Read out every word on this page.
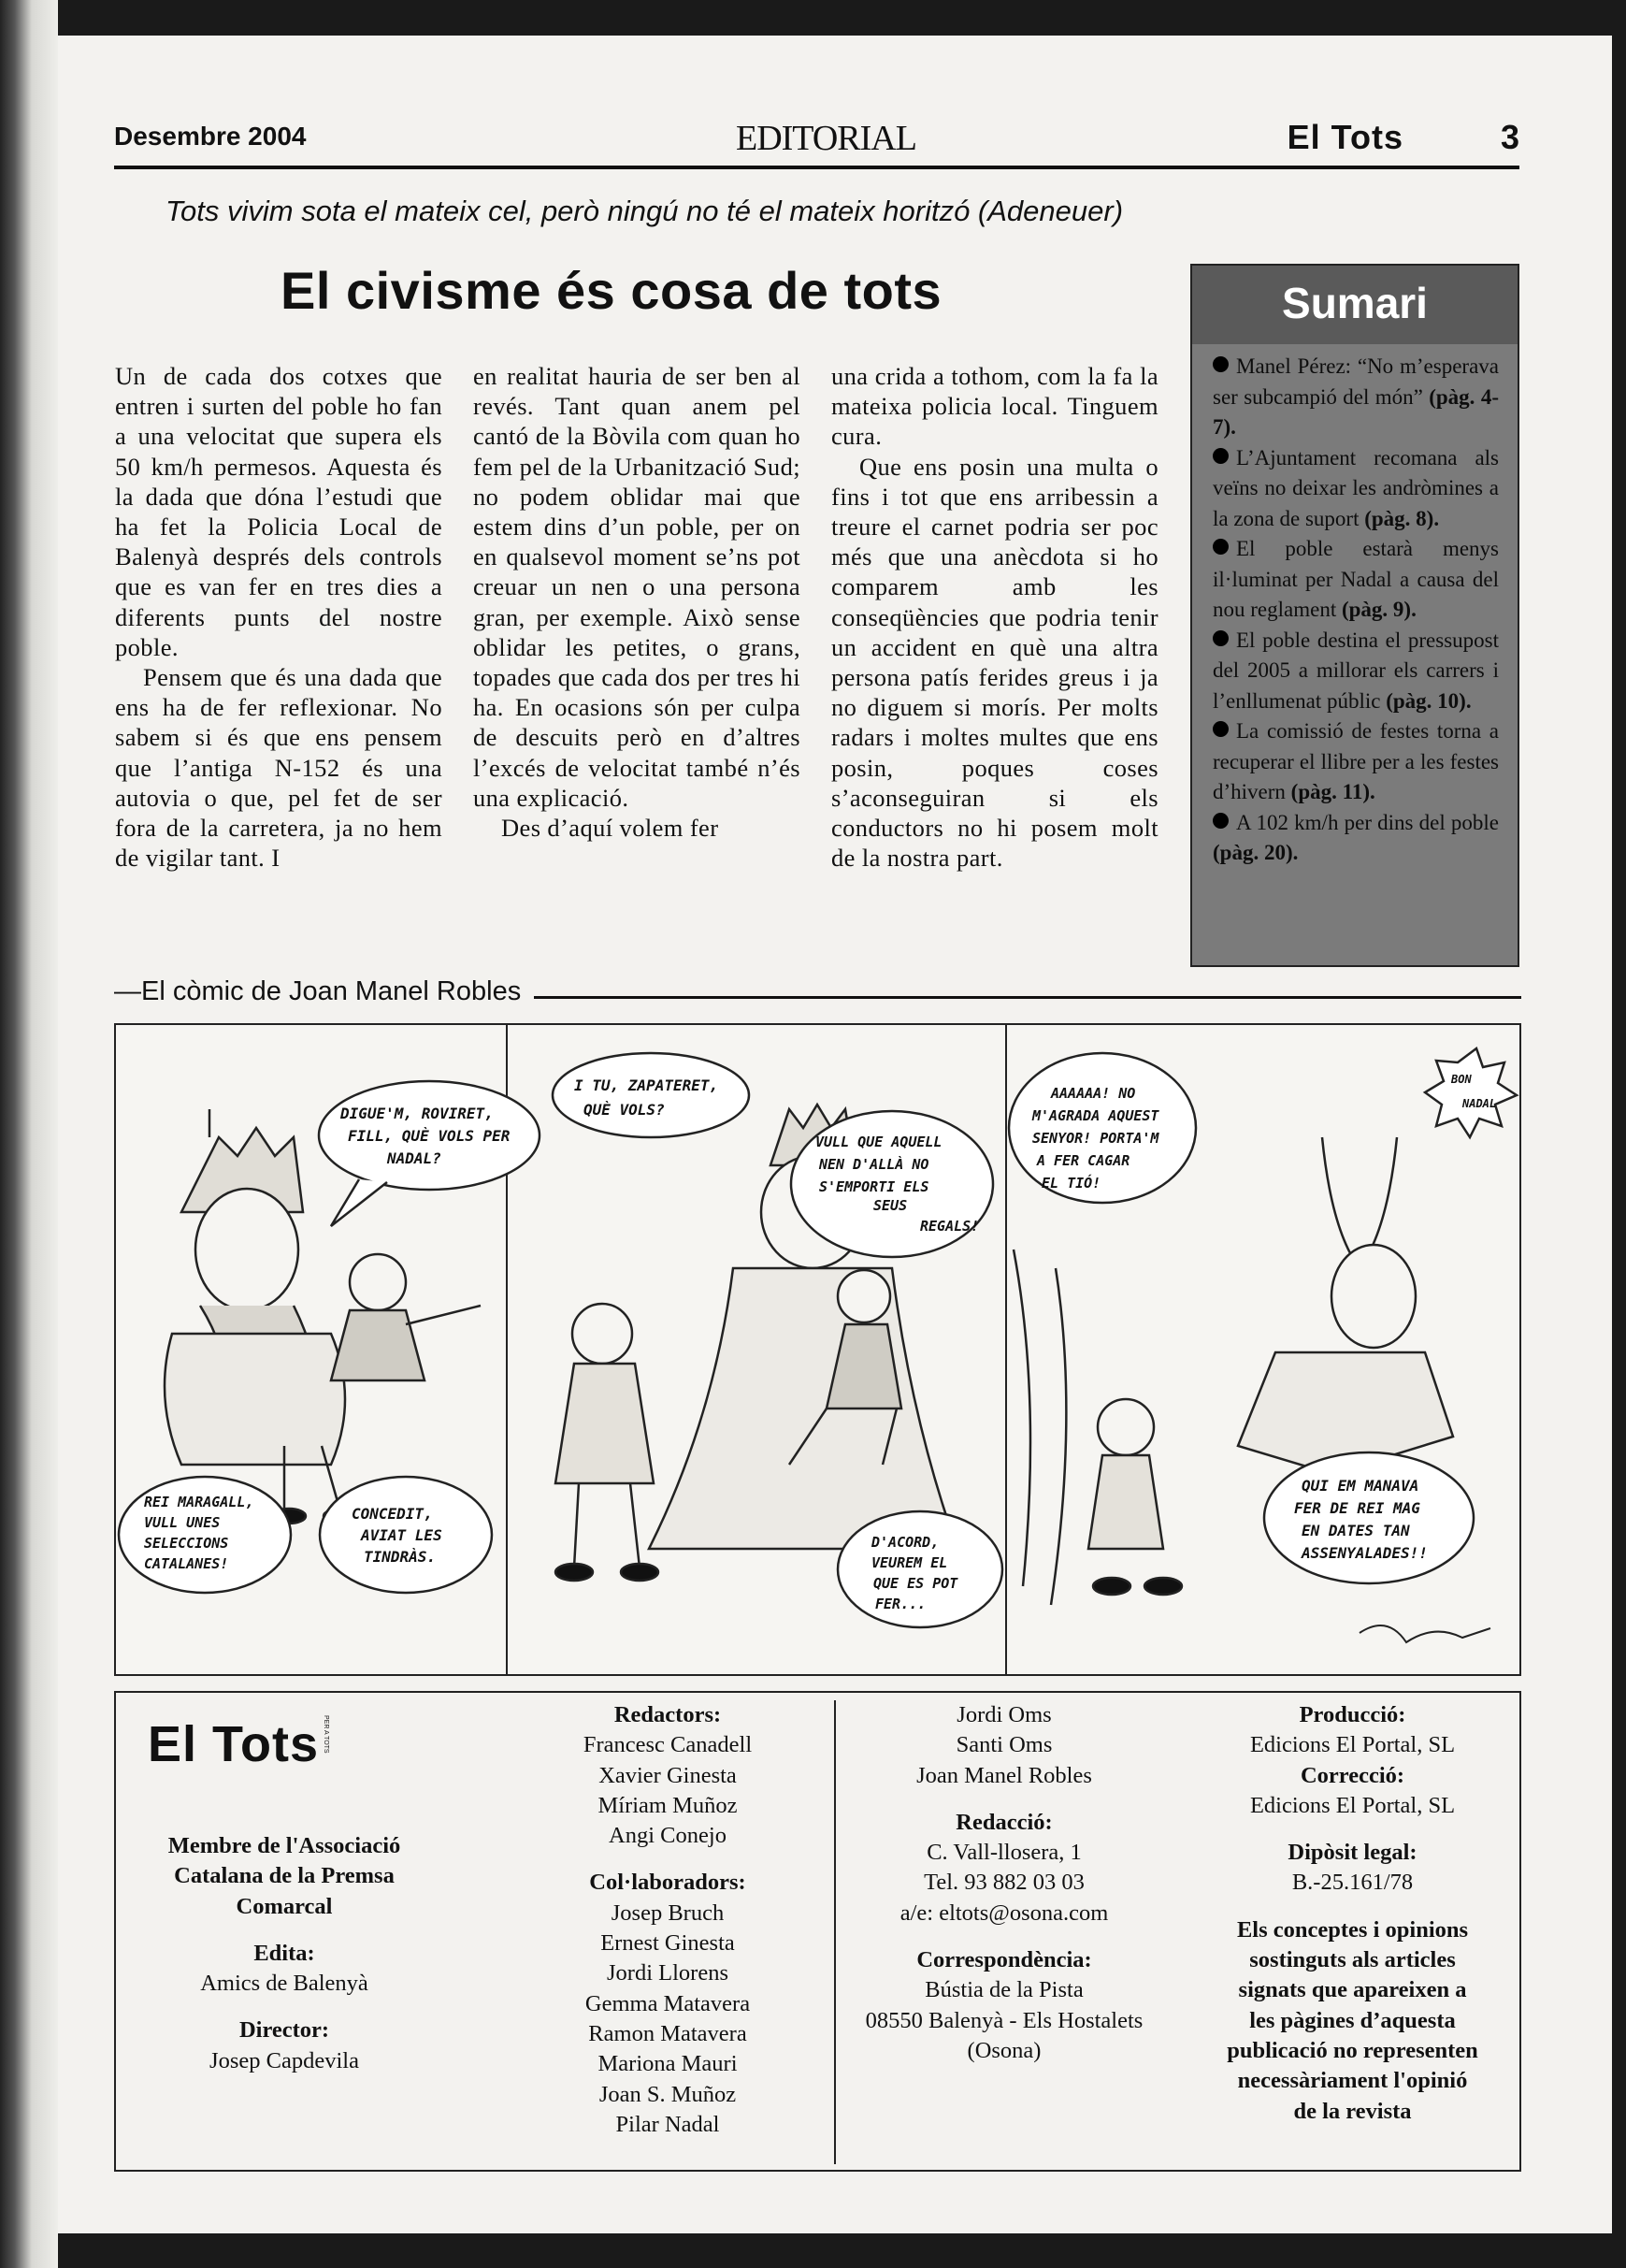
Desembre 2004	EDITORIAL	El Tots	3
Tots vivim sota el mateix cel, però ningú no té el mateix horitzó (Adeneuer)
El civisme és cosa de tots

Un de cada dos cotxes que entren i surten del poble ho fan a una velocitat que supera els 50 km/h permesos. Aquesta és la dada que dóna l’estudi que ha fet la Policia Local de Balenyà després dels controls que es van fer en tres dies a diferents punts del nostre poble.

Pensem que és una dada que ens ha de fer reflexionar. No sabem si és que ens pensem que l’antiga N-152 és una autovia o que, pel fet de ser fora de la carretera, ja no hem de vigilar tant. I

en realitat hauria de ser ben al revés. Tant quan anem pel cantó de la Bòvila com quan ho fem pel de la Urbanització Sud; no podem oblidar mai que estem dins d’un poble, per on en qualsevol moment se’ns pot creuar un nen o una persona gran, per exemple. Això sense oblidar les petites, o grans, topades que cada dos per tres hi ha. En ocasions són per culpa de descuits però en d’altres l’excés de velocitat també n’és una explicació.

Des d’aquí volem fer

una crida a tothom, com la fa la mateixa policia local. Tinguem cura.

Que ens posin una multa o fins i tot que ens arribessin a treure el carnet podria ser poc més que una anècdota si ho comparem amb les conseqüències que podria tenir un accident en què una altra persona patís ferides greus i ja no diguem si morís. Per molts radars i moltes multes que ens posin, poques coses s’aconseguiran si els conductors no hi posem molt de la nostra part.

Sumari
Manel Pérez: “No m’esperava ser subcampió del món” (pàg. 4-7).
L’Ajuntament recomana als veïns no deixar les andròmines a la zona de suport (pàg. 8).
El poble estarà menys il·luminat per Nadal a causa del nou reglament (pàg. 9).
El poble destina el pressupost del 2005 a millorar els carrers i l’enllumenat públic (pàg. 10).
La comissió de festes torna a recuperar el llibre per a les festes d’hivern (pàg. 11).
A 102 km/h per dins del poble (pàg. 20).
—El còmic de Joan Manel Robles
DIGUE'M, ROVIRET, FILL, QUÈ VOLS PER NADAL?
REI MARAGALL, VULL UNES SELECCIONS CATALANES!
CONCEDIT, AVIAT LES TINDRÀS.
I TU, ZAPATERET, QUÈ VOLS?
VULL QUE AQUELL NEN D'ALLÀ NO S'EMPORTI ELS SEUS REGALS!
D'ACORD, VEUREM EL QUE ES POT FER...
AAAAAA! NO M'AGRADA AQUEST SENYOR! PORTA'M A FER CAGAR EL TIÓ!
QUI EM MANAVA FER DE REI MAG EN DATES TAN ASSENYALADES!!
BON NADAL
El Tots PER A TOTS
Membre de l'Associació
Catalana de la Premsa
Comarcal
Edita:
Amics de Balenyà
Director:
Josep Capdevila
Redactors:
Francesc Canadell
Xavier Ginesta
Míriam Muñoz
Angi Conejo
Col·laboradors:
Josep Bruch
Ernest Ginesta
Jordi Llorens
Gemma Matavera
Ramon Matavera
Mariona Mauri
Joan S. Muñoz
Pilar Nadal
Jordi Oms
Santi Oms
Joan Manel Robles
Redacció:
C. Vall-llosera, 1
Tel. 93 882 03 03
a/e: eltots@osona.com
Correspondència:
Bústia de la Pista
08550 Balenyà - Els Hostalets
(Osona)
Producció:
Edicions El Portal, SL
Correcció:
Edicions El Portal, SL
Dipòsit legal:
B.-25.161/78
Els conceptes i opinions
sostinguts als articles
signats que apareixen a
les pàgines d’aquesta
publicació no representen
necessàriament l'opinió
de la revista
